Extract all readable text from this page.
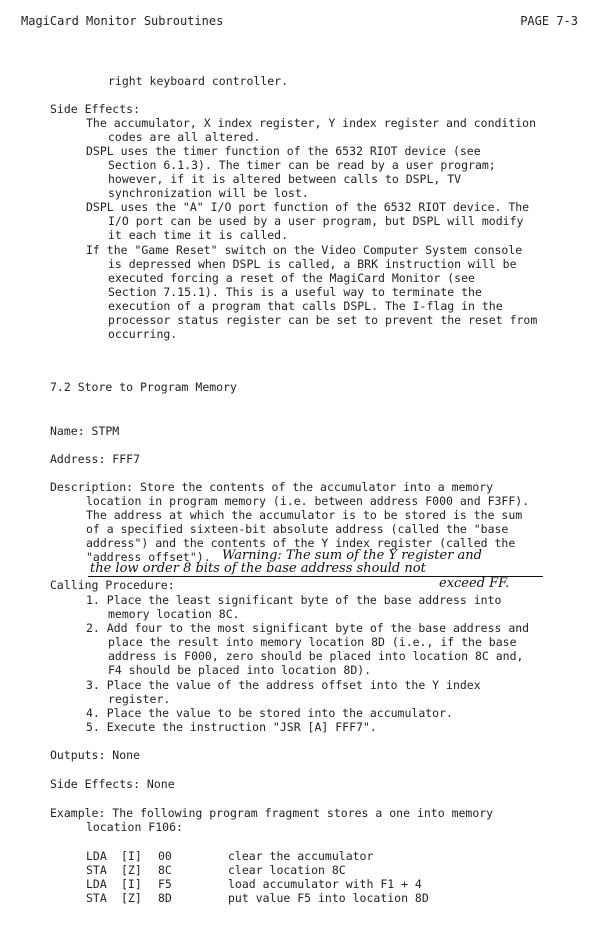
MagiCard Monitor Subroutines	PAGE 7-3
right keyboard controller.
Side Effects:
The accumulator, X index register, Y index register and condition
codes are all altered.
DSPL uses the timer function of the 6532 RIOT device (see
Section 6.1.3). The timer can be read by a user program;
however, if it is altered between calls to DSPL, TV
synchronization will be lost.
DSPL uses the "A" I/O port function of the 6532 RIOT device. The
I/O port can be used by a user program, but DSPL will modify
it each time it is called.
If the "Game Reset" switch on the Video Computer System console
is depressed when DSPL is called, a BRK instruction will be
executed forcing a reset of the MagiCard Monitor (see
Section 7.15.1). This is a useful way to terminate the
execution of a program that calls DSPL. The I-flag in the
processor status register can be set to prevent the reset from
occurring.
7.2 Store to Program Memory
Name: STPM
Address: FFF7
Description: Store the contents of the accumulator into a memory
location in program memory (i.e. between address F000 and F3FF).
The address at which the accumulator is to be stored is the sum
of a specified sixteen-bit absolute address (called the "base
address") and the contents of the Y index register (called the
"address offset"). Warning: The sum of the Y register and
the low order 8 bits of the base address should not
exceed FF.
Calling Procedure:
1. Place the least significant byte of the base address into
memory location 8C.
2. Add four to the most significant byte of the base address and
place the result into memory location 8D (i.e., if the base
address is F000, zero should be placed into location 8C and,
F4 should be placed into location 8D).
3. Place the value of the address offset into the Y index
register.
4. Place the value to be stored into the accumulator.
5. Execute the instruction "JSR [A] FFF7".
Outputs: None
Side Effects: None
Example: The following program fragment stores a one into memory
location F106:
LDA [I] 00	clear the accumulator
STA [Z] 8C	clear location 8C
LDA [I] F5	load accumulator with F1 + 4
STA [Z] 8D	put value F5 into location 8D
